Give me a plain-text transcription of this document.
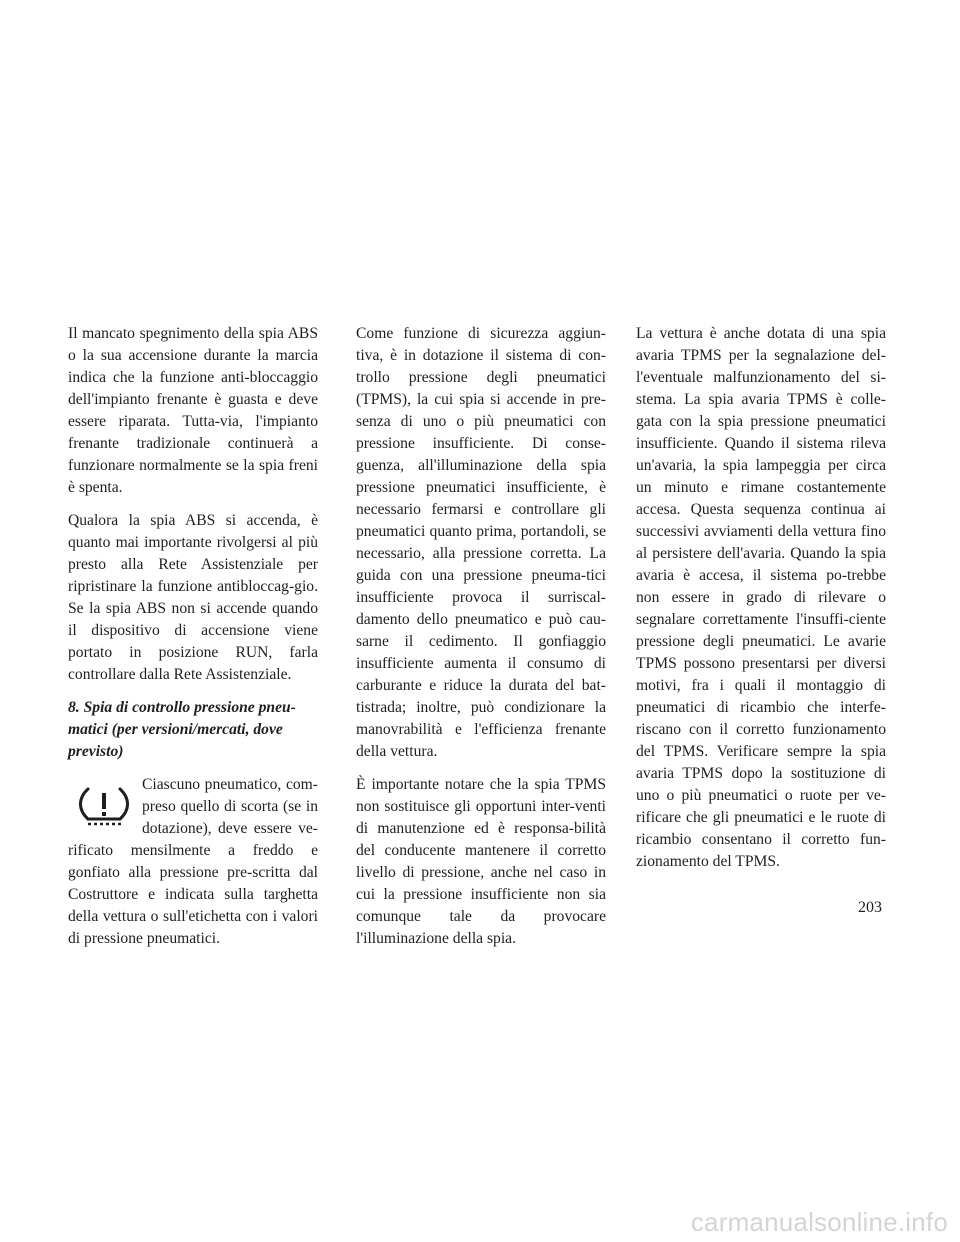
Il mancato spegnimento della spia ABS o la sua accensione durante la marcia indica che la funzione anti-bloccaggio dell'impianto frenante è guasta e deve essere riparata. Tutta-via, l'impianto frenante tradizionale continuerà a funzionare normalmente se la spia freni è spenta.

Qualora la spia ABS si accenda, è quanto mai importante rivolgersi al più presto alla Rete Assistenziale per ripristinare la funzione antibloccag-gio. Se la spia ABS non si accende quando il dispositivo di accensione viene portato in posizione RUN, farla controllare dalla Rete Assistenziale.

8. Spia di controllo pressione pneu-matici (per versioni/mercati, dove previsto)

Ciascuno pneumatico, com-preso quello di scorta (se in dotazione), deve essere ve-rificato mensilmente a freddo e gonfiato alla pressione pre-scritta dal Costruttore e indicata sulla targhetta della vettura o sull'etichetta con i valori di pressione pneumatici.

Come funzione di sicurezza aggiun-tiva, è in dotazione il sistema di con-trollo pressione degli pneumatici (TPMS), la cui spia si accende in pre-senza di uno o più pneumatici con pressione insufficiente. Di conse-guenza, all'illuminazione della spia pressione pneumatici insufficiente, è necessario fermarsi e controllare gli pneumatici quanto prima, portandoli, se necessario, alla pressione corretta. La guida con una pressione pneuma-tici insufficiente provoca il surriscal-damento dello pneumatico e può cau-sarne il cedimento. Il gonfiaggio insufficiente aumenta il consumo di carburante e riduce la durata del bat-tistrada; inoltre, può condizionare la manovrabilità e l'efficienza frenante della vettura.

È importante notare che la spia TPMS non sostituisce gli opportuni inter-venti di manutenzione ed è responsa-bilità del conducente mantenere il corretto livello di pressione, anche nel caso in cui la pressione insufficiente non sia comunque tale da provocare l'illuminazione della spia.

La vettura è anche dotata di una spia avaria TPMS per la segnalazione del-l'eventuale malfunzionamento del si-stema. La spia avaria TPMS è colle-gata con la spia pressione pneumatici insufficiente. Quando il sistema rileva un'avaria, la spia lampeggia per circa un minuto e rimane costantemente accesa. Questa sequenza continua ai successivi avviamenti della vettura fino al persistere dell'avaria. Quando la spia avaria è accesa, il sistema po-trebbe non essere in grado di rilevare o segnalare correttamente l'insuffi-ciente pressione degli pneumatici. Le avarie TPMS possono presentarsi per diversi motivi, fra i quali il montaggio di pneumatici di ricambio che interfe-riscano con il corretto funzionamento del TPMS. Verificare sempre la spia avaria TPMS dopo la sostituzione di uno o più pneumatici o ruote per ve-rificare che gli pneumatici e le ruote di ricambio consentano il corretto fun-zionamento del TPMS.

203
carmanualsonline.info
